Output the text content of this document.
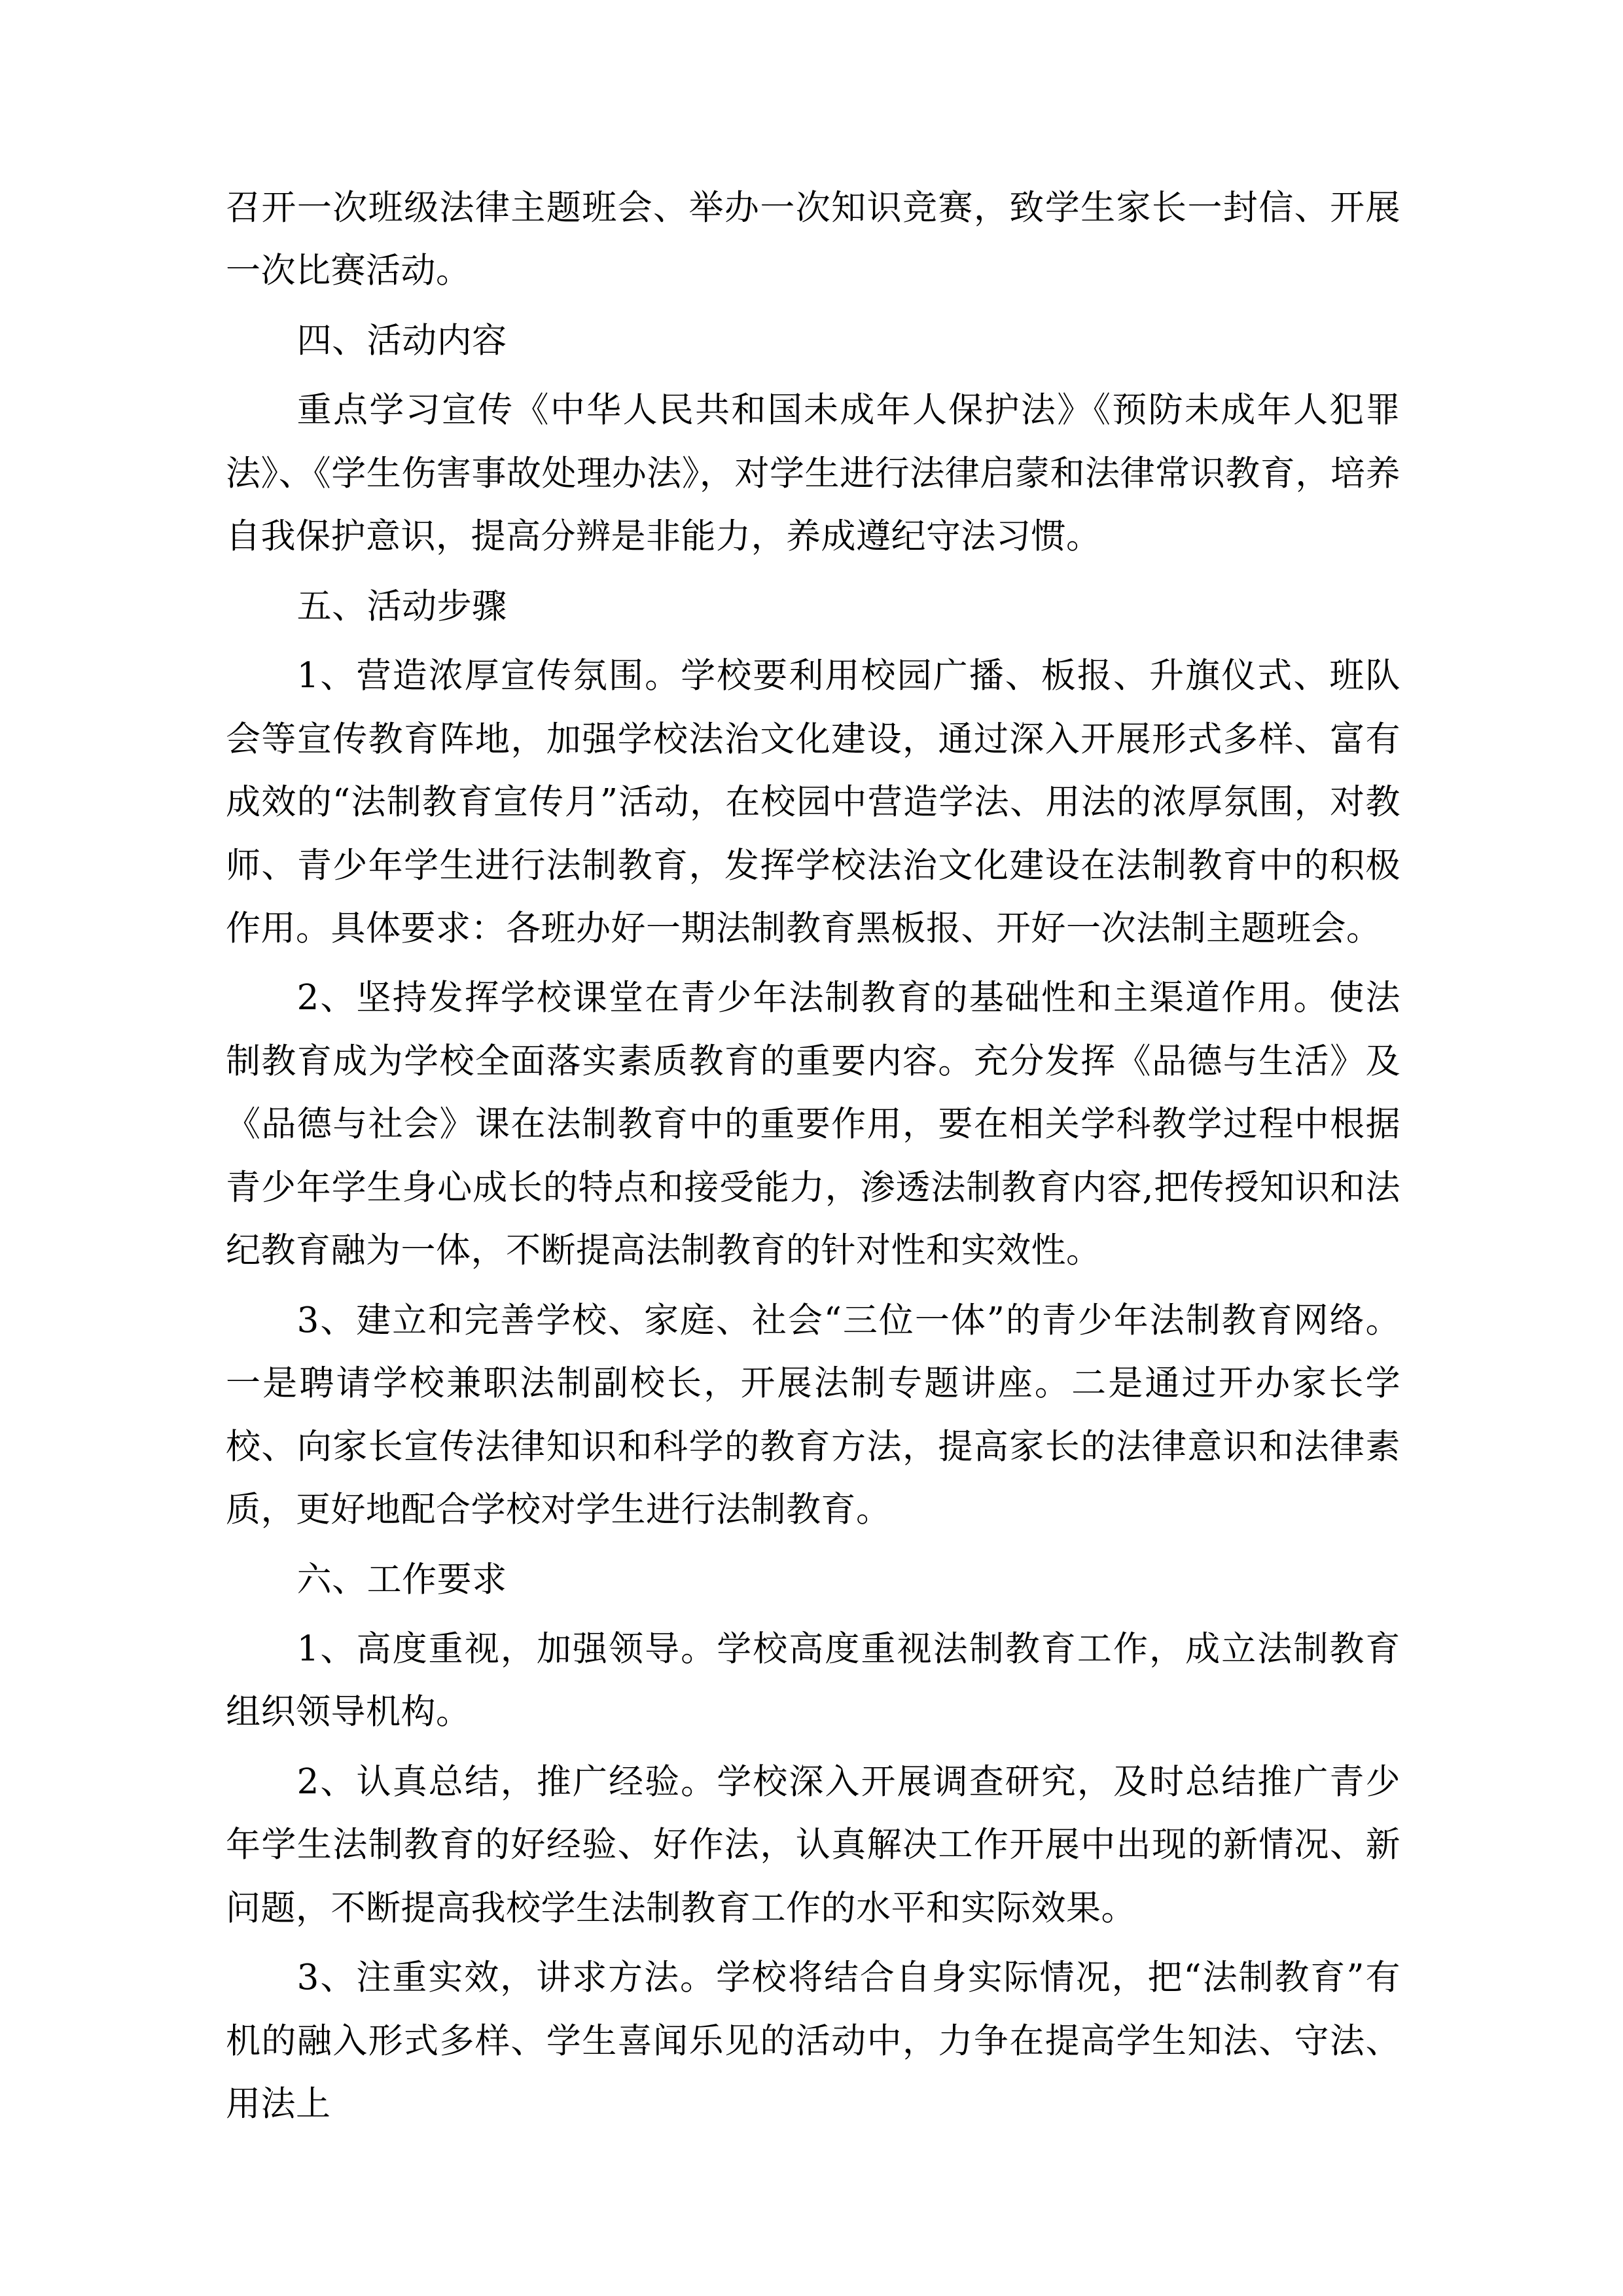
召开一次班级法律主题班会、举办一次知识竞赛，致学生家长一封信、开展一次比赛活动。

四、活动内容

重点学习宣传《中华人民共和国未成年人保护法》《预防未成年人犯罪法》、《学生伤害事故处理办法》，对学生进行法律启蒙和法律常识教育，培养自我保护意识，提高分辨是非能力，养成遵纪守法习惯。

五、活动步骤

1、营造浓厚宣传氛围。学校要利用校园广播、板报、升旗仪式、班队会等宣传教育阵地，加强学校法治文化建设，通过深入开展形式多样、富有成效的“法制教育宣传月”活动，在校园中营造学法、用法的浓厚氛围，对教师、青少年学生进行法制教育，发挥学校法治文化建设在法制教育中的积极作用。具体要求：各班办好一期法制教育黑板报、开好一次法制主题班会。

2、坚持发挥学校课堂在青少年法制教育的基础性和主渠道作用。使法制教育成为学校全面落实素质教育的重要内容。充分发挥《品德与生活》及《品德与社会》课在法制教育中的重要作用，要在相关学科教学过程中根据青少年学生身心成长的特点和接受能力，渗透法制教育内容,把传授知识和法纪教育融为一体，不断提高法制教育的针对性和实效性。

3、建立和完善学校、家庭、社会“三位一体”的青少年法制教育网络。一是聘请学校兼职法制副校长，开展法制专题讲座。二是通过开办家长学校、向家长宣传法律知识和科学的教育方法，提高家长的法律意识和法律素质，更好地配合学校对学生进行法制教育。

六、工作要求

1、高度重视，加强领导。学校高度重视法制教育工作，成立法制教育组织领导机构。

2、认真总结，推广经验。学校深入开展调查研究，及时总结推广青少年学生法制教育的好经验、好作法，认真解决工作开展中出现的新情况、新问题，不断提高我校学生法制教育工作的水平和实际效果。

3、注重实效，讲求方法。学校将结合自身实际情况，把“法制教育”有机的融入形式多样、学生喜闻乐见的活动中，力争在提高学生知法、守法、用法上
